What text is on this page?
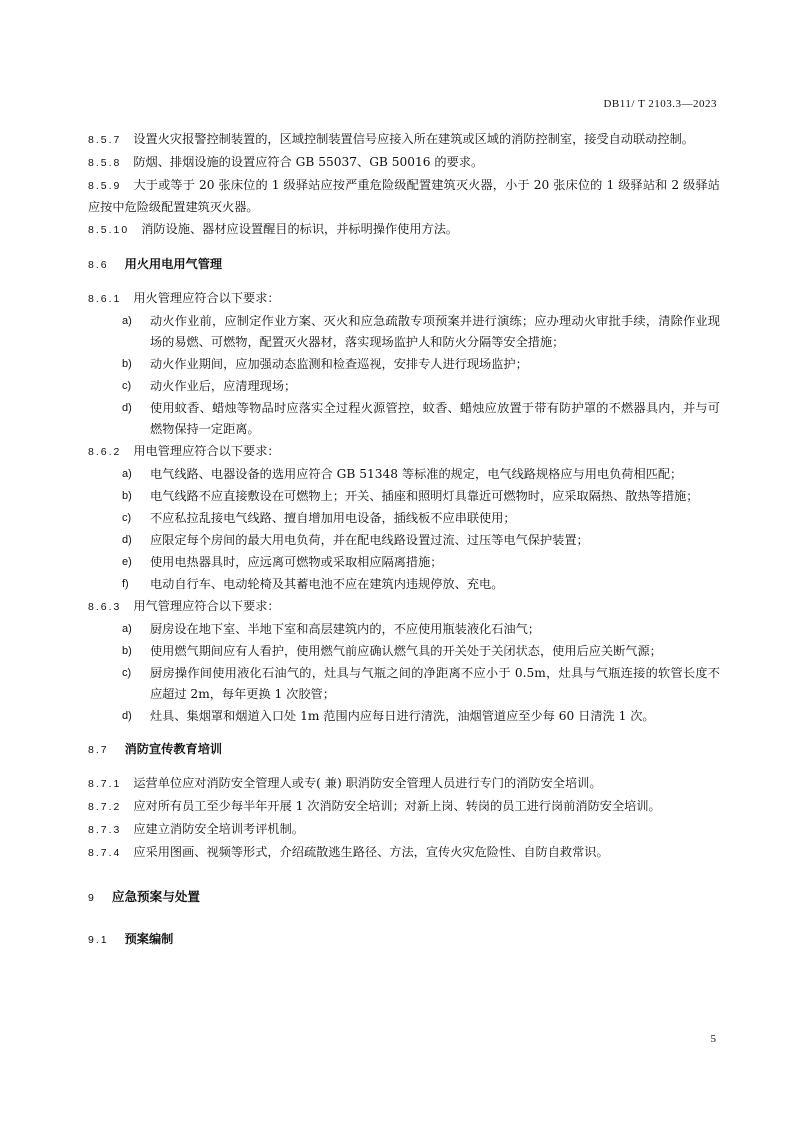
DB11/ T 2103.3—2023

8.5.7 设置火灾报警控制装置的，区域控制装置信号应接入所在建筑或区域的消防控制室，接受自动联动控制。

8.5.8 防烟、排烟设施的设置应符合 GB 55037、GB 50016 的要求。

8.5.9 大于或等于 20 张床位的 1 级驿站应按严重危险级配置建筑灭火器，小于 20 张床位的 1 级驿站和 2 级驿站应按中危险级配置建筑灭火器。

8.5.10 消防设施、器材应设置醒目的标识，并标明操作使用方法。

8.6 用火用电用气管理

8.6.1 用火管理应符合以下要求：

a)	动火作业前，应制定作业方案、灭火和应急疏散专项预案并进行演练；应办理动火审批手续，清除作业现场的易燃、可燃物，配置灭火器材，落实现场监护人和防火分隔等安全措施；
b)	动火作业期间，应加强动态监测和检查巡视，安排专人进行现场监护；
c)	动火作业后，应清理现场；
d)	使用蚊香、蜡烛等物品时应落实全过程火源管控，蚊香、蜡烛应放置于带有防护罩的不燃器具内，并与可燃物保持一定距离。

8.6.2 用电管理应符合以下要求：

a)	电气线路、电器设备的选用应符合 GB 51348 等标准的规定，电气线路规格应与用电负荷相匹配；
b)	电气线路不应直接敷设在可燃物上；开关、插座和照明灯具靠近可燃物时，应采取隔热、散热等措施；
c)	不应私拉乱接电气线路、擅自增加用电设备，插线板不应串联使用；
d)	应限定每个房间的最大用电负荷，并在配电线路设置过流、过压等电气保护装置；
e)	使用电热器具时，应远离可燃物或采取相应隔离措施；
f)	电动自行车、电动轮椅及其蓄电池不应在建筑内违规停放、充电。

8.6.3 用气管理应符合以下要求：

a)	厨房设在地下室、半地下室和高层建筑内的，不应使用瓶装液化石油气；
b)	使用燃气期间应有人看护，使用燃气前应确认燃气具的开关处于关闭状态，使用后应关断气源；
c)	厨房操作间使用液化石油气的，灶具与气瓶之间的净距离不应小于 0.5m，灶具与气瓶连接的软管长度不应超过 2m，每年更换 1 次胶管；
d)	灶具、集烟罩和烟道入口处 1m 范围内应每日进行清洗，油烟管道应至少每 60 日清洗 1 次。
8.7 消防宣传教育培训

8.7.1 运营单位应对消防安全管理人或专( 兼) 职消防安全管理人员进行专门的消防安全培训。

8.7.2 应对所有员工至少每半年开展 1 次消防安全培训；对新上岗、转岗的员工进行岗前消防安全培训。

8.7.3 应建立消防安全培训考评机制。

8.7.4 应采用图画、视频等形式，介绍疏散逃生路径、方法，宣传火灾危险性、自防自救常识。

9 应急预案与处置
9.1 预案编制
5
